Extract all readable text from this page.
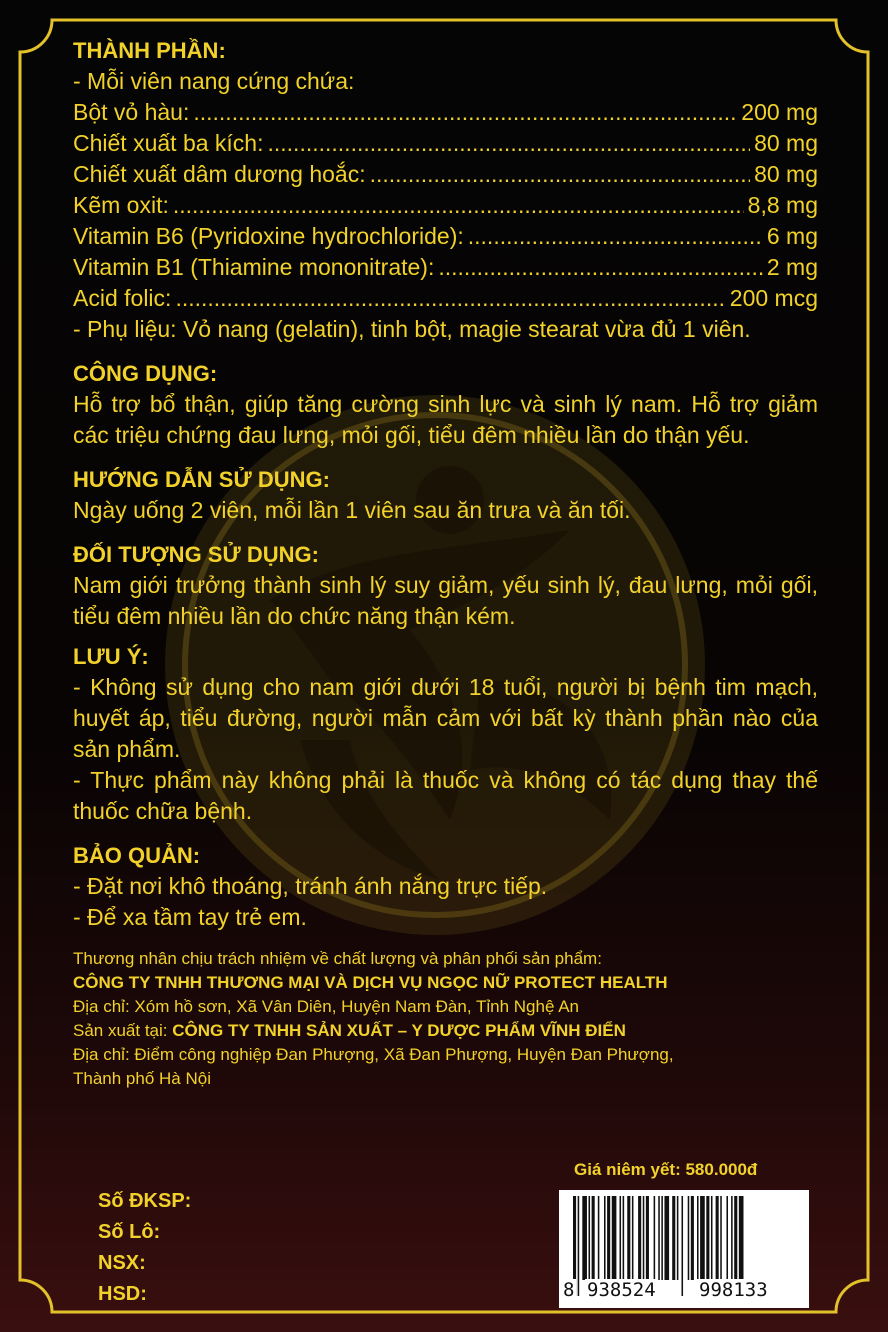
THÀNH PHẦN:

- Mỗi viên nang cứng chứa:

Bột vỏ hàu: .....	200 mg
Chiết xuất ba kích: .....	80 mg
Chiết xuất dâm dương hoắc: .....	80 mg
Kẽm oxit: .....	8,8 mg
Vitamin B6 (Pyridoxine hydrochloride): .....	6 mg
Vitamin B1 (Thiamine mononitrate): .....	2 mg
Acid folic: .....	200 mcg

- Phụ liệu: Vỏ nang (gelatin), tinh bột, magie stearat vừa đủ 1 viên.

CÔNG DỤNG:

Hỗ trợ bổ thận, giúp tăng cường sinh lực và sinh lý nam. Hỗ trợ giảm các triệu chứng đau lưng, mỏi gối, tiểu đêm nhiều lần do thận yếu.

HƯỚNG DẪN SỬ DỤNG:

Ngày uống 2 viên, mỗi lần 1 viên sau ăn trưa và ăn tối.

ĐỐI TƯỢNG SỬ DỤNG:

Nam giới trưởng thành sinh lý suy giảm, yếu sinh lý, đau lưng, mỏi gối, tiểu đêm nhiều lần do chức năng thận kém.

LƯU Ý:

- Không sử dụng cho nam giới dưới 18 tuổi, người bị bệnh tim mạch, huyết áp, tiểu đường, người mẫn cảm với bất kỳ thành phần nào của sản phẩm.

- Thực phẩm này không phải là thuốc và không có tác dụng thay thế thuốc chữa bệnh.

BẢO QUẢN:

- Đặt nơi khô thoáng, tránh ánh nắng trực tiếp.

- Để xa tầm tay trẻ em.

Thương nhân chịu trách nhiệm về chất lượng và phân phối sản phẩm:

CÔNG TY TNHH THƯƠNG MẠI VÀ DỊCH VỤ NGỌC NỮ PROTECT HEALTH

Địa chỉ: Xóm hồ sơn, Xã Vân Diên, Huyện Nam Đàn, Tỉnh Nghệ An

Sản xuất tại: CÔNG TY TNHH SẢN XUẤT – Y DƯỢC PHẨM VĨNH ĐIỂN

Địa chỉ: Điểm công nghiệp Đan Phượng, Xã Đan Phượng, Huyện Đan Phượng,

Thành phố Hà Nội

Giá niêm yết: 580.000đ
Số ĐKSP:
Số Lô:
NSX:
HSD:	8 938524 998133
